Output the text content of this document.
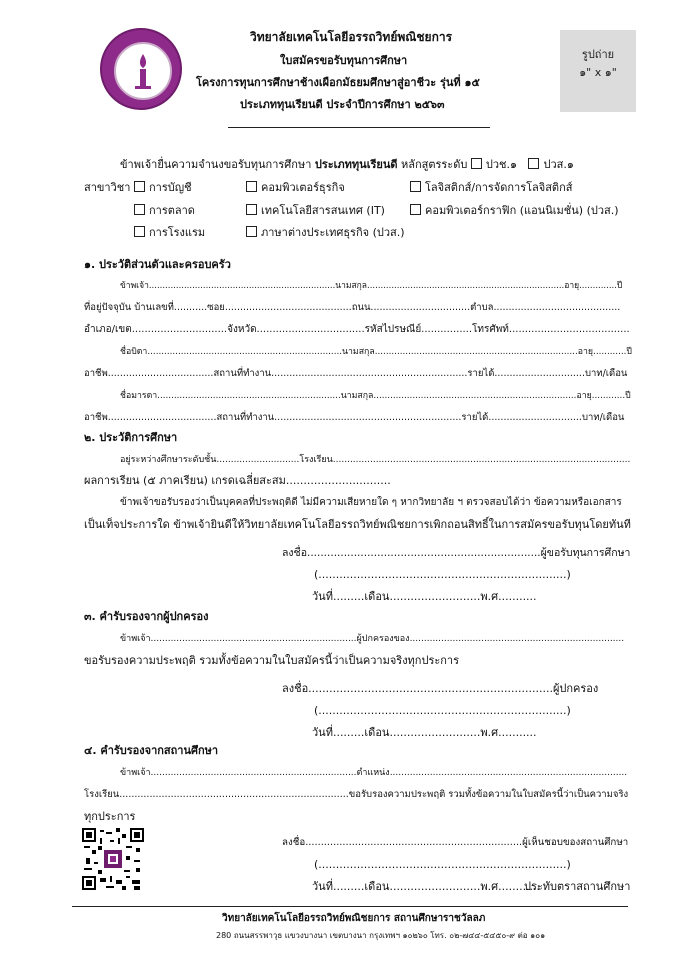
วิทยาลัยเทคโนโลยีอรรถวิทย์พณิชยการ
ใบสมัครขอรับทุนการศึกษา
โครงการทุนการศึกษาช้างเผือกมัธยมศึกษาสู่อาชีวะ รุ่นที่ ๑๕
ประเภททุนเรียนดี ประจำปีการศึกษา ๒๕๖๓
รูปถ่าย
๑" x ๑"
ข้าพเจ้ายื่นความจำนงขอรับทุนการศึกษา ประเภททุนเรียนดี หลักสูตรระดับ ปวช.๑ ปวส.๑
สาขาวิชา	การบัญชี	คอมพิวเตอร์ธุรกิจ	โลจิสติกส์/การจัดการโลจิสติกส์
การตลาด	เทคโนโลยีสารสนเทศ (IT)	คอมพิวเตอร์กราฟิก (แอนนิเมชั่น) (ปวส.)
การโรงแรม	ภาษาต่างประเทศธุรกิจ (ปวส.)
๑. ประวัติส่วนตัวและครอบครัว
ข้าพเจ้า.....................................................................นามสกุล.........................................................................อายุ..............ปี
ที่อยู่ปัจจุบัน บ้านเลขที่...........ซอย..........................................ถนน.................................ตำบล..........................................
อำเภอ/เขต..............................จังหวัด..................................รหัสไปรษณีย์................โทรศัพท์......................................
ชื่อบิดา......................................................................นามสกุล.........................................................................อายุ............ปี
อาชีพ...................................สถานที่ทำงาน.................................................................รายได้..............................บาท/เดือน
ชื่อมารดา..................................................................นามสกุล.........................................................................อายุ............ปี
อาชีพ....................................สถานที่ทำงาน..............................................................รายได้...............................บาท/เดือน
๒. ประวัติการศึกษา
อยู่ระหว่างศึกษาระดับชั้น.............................โรงเรียน........................................................................................................
ผลการเรียน (๕ ภาคเรียน) เกรดเฉลี่ยสะสม..............................
ข้าพเจ้าขอรับรองว่าเป็นบุคคลที่ประพฤติดี ไม่มีความเสียหายใด ๆ หากวิทยาลัย ฯ ตรวจสอบได้ว่า ข้อความหรือเอกสาร
เป็นเท็จประการใด ข้าพเจ้ายินดีให้วิทยาลัยเทคโนโลยีอรรถวิทย์พณิชยการเพิกถอนสิทธิ์ในการสมัครขอรับทุนโดยทันที
ลงชื่อ......................................................................ผู้ขอรับทุนการศึกษา
(.......................................................................)
วันที่.........เดือน..........................พ.ศ...........
๓. คำรับรองจากผู้ปกครอง
ข้าพเจ้า........................................................................ผู้ปกครองของ...........................................................................
ขอรับรองความประพฤติ รวมทั้งข้อความในใบสมัครนี้ว่าเป็นความจริงทุกประการ
ลงชื่อ......................................................................ผู้ปกครอง
(.......................................................................)
วันที่.........เดือน..........................พ.ศ...........
๔. คำรับรองจากสถานศึกษา
ข้าพเจ้า........................................................................ตำแหน่ง...................................................................................
โรงเรียน............................................................................ขอรับรองความประพฤติ รวมทั้งข้อความในใบสมัครนี้ว่าเป็นความจริง
ทุกประการ
ลงชื่อ......................................................................ผู้เห็นชอบของสถานศึกษา
(.......................................................................)
วันที่.........เดือน..........................พ.ศ............
ประทับตราสถานศึกษา
วิทยาลัยเทคโนโลยีอรรถวิทย์พณิชยการ สถานศึกษาราชวัลลภ
280 ถนนสรรพาวุธ แขวงบางนา เขตบางนา กรุงเทพฯ ๑๐๒๖๐ โทร. ๐๒-๗๔๔-๕๔๕๐-๙ ต่อ ๑๐๑
